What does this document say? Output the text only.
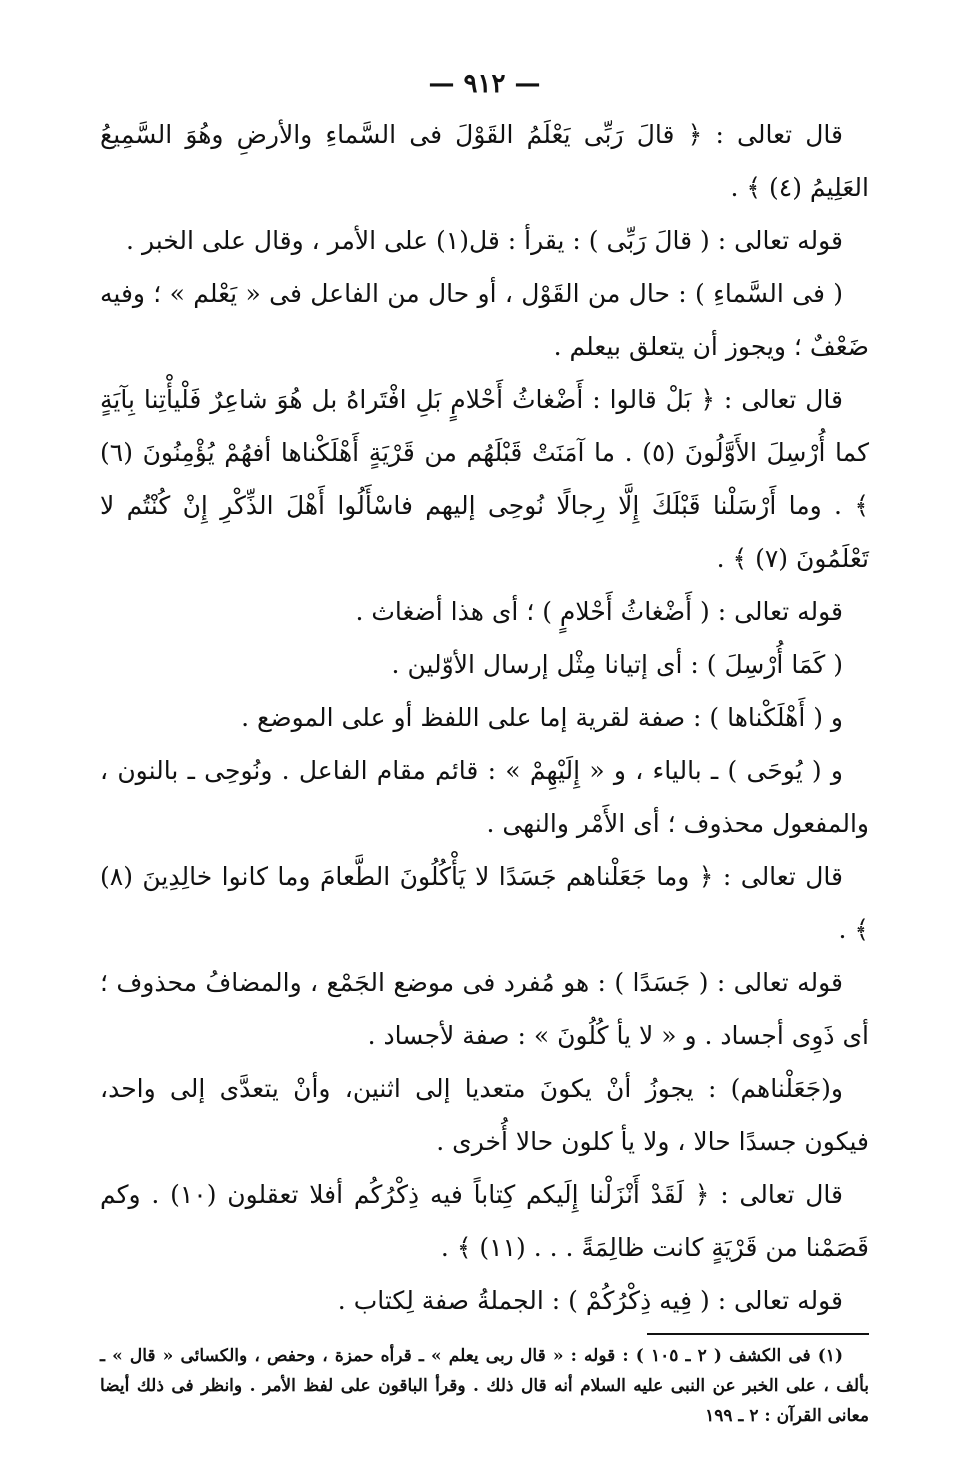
— ٩١٢ —

قال تعالى : ﴿ قالَ رَبِّى يَعْلَمُ القَوْلَ فى السَّماءِ والأرضِ وهُوَ السَّمِيعُ العَلِيمُ (٤) ﴾ .

قوله تعالى : ( قالَ رَبِّى ) : يقرأ : قل(١) على الأمر ، وقال على الخبر .

( فى السَّماءِ ) : حال من القَوْل ، أو حال من الفاعل فى « يَعْلم » ؛ وفيه ضَعْفٌ ؛ ويجوز أن يتعلق بيعلم .

قال تعالى : ﴿ بَلْ قالوا : أَضْغاثُ أَحْلامٍ بَلِ افْتَراهُ بل هُوَ شاعِرٌ فَلْيأْتِنا بِآيَةٍ كما أُرْسِلَ الأَوَّلُونَ (٥) . ما آمَنَتْ قَبْلَهُم من قَرْيَةٍ أَهْلَكْناها أفهُمْ يُؤْمِنُونَ (٦) ﴾ . وما أَرْسَلْنا قَبْلَكَ إِلَّا رِجالًا نُوحِى إليهم فاسْأَلُوا أَهْلَ الذِّكْرِ إِنْ كُنْتُم لا تَعْلَمُونَ (٧) ﴾ .

قوله تعالى : ( أَضْغاثُ أَحْلامٍ ) ؛ أى هذا أضغاث .

( كَمَا أُرْسِلَ ) : أى إتيانا مِثْل إرسال الأوّلين .

و ( أَهْلَكْناها ) : صفة لقرية إما على اللفظ أو على الموضع .

و ( يُوحَى ) ـ بالياء ، و « إِلَيْهِمْ » : قائم مقام الفاعل . ونُوحِى ـ بالنون ، والمفعول محذوف ؛ أى الأَمْر والنهى .

قال تعالى : ﴿ وما جَعَلْناهم جَسَدًا لا يَأْكُلُونَ الطَّعامَ وما كانوا خالِدِينَ (٨) ﴾ .

قوله تعالى : ( جَسَدًا ) : هو مُفرد فى موضع الجَمْع ، والمضافُ محذوف ؛ أى ذَوِى أجساد . و « لا يأ كُلُونَ » : صفة لأجساد .

و(جَعَلْناهم) : يجوزُ أنْ يكونَ متعديا إلى اثنين، وأنْ يتعدَّى إلى واحد، فيكون جسدًا حالا ، ولا يأ كلون حالا أُخرى .

قال تعالى : ﴿ لَقَدْ أَنْزَلْنا إِلَيكم كِتاباً فيه ذِكْرُكُم أفلا تعقلون (١٠) . وكم قَصَمْنا من قَرْيَةٍ كانت ظالِمَةً . . . (١١) ﴾ .

قوله تعالى : ( فِيه ذِكْرُكُمْ ) : الجملةُ صفة لِكتاب .

(١) فى الكشف ( ٢ ـ ١٠٥ ) : قوله : « قال ربى يعلم » ـ قرأه حمزة ، وحفص ، والكسائى « قال » ـ بألف ، على الخبر عن النبى عليه السلام أنه قال ذلك . وقرأ الباقون على لفظ الأمر . وانظر فى ذلك أيضا معانى القرآن : ٢ ـ ١٩٩
